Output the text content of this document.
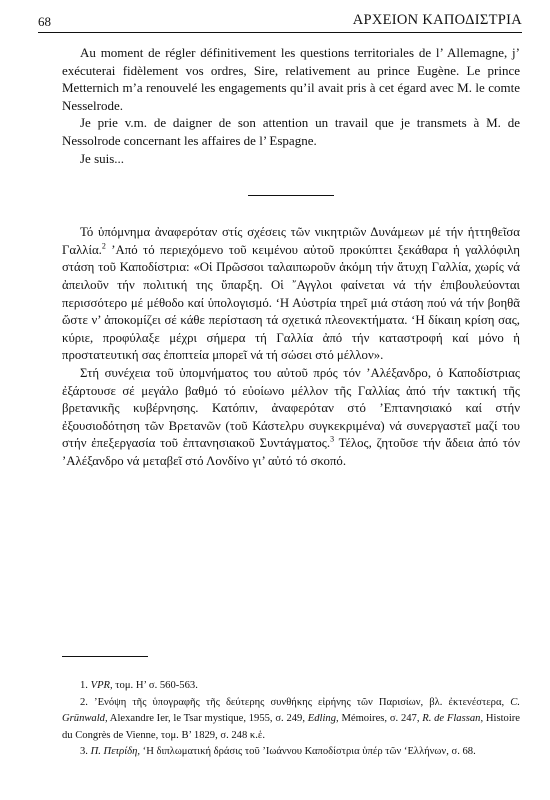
68	ΑΡΧΕΙΟΝ ΚΑΠΟΔΙΣΤΡΙΑ

Au moment de régler définitivement les questions territoriales de l’ Allemagne, j’ exécuterai fidèlement vos ordres, Sire, relativement au prince Eugène. Le prince Metternich m’a renouvelé les engagements qu’il avait pris à cet égard avec M. le comte Nesselrode.

Je prie v.m. de daigner de son attention un travail que je transmets à M. de Nessolrode concernant les affaires de l’ Espagne.

Je suis...

Τό ὑπόμνημα ἀναφερόταν στίς σχέσεις τῶν νικητριῶν Δυνάμεων μέ τήν ἡττηθεῖσα Γαλλία.$^2$ ’Από τό περιεχόμενο τοῦ κειμένου αὐτοῦ προκύπτει ξεκάθαρα ἡ γαλλόφιλη στάση τοῦ Καποδίστρια: «Οἱ Πρῶσσοι ταλαιπωροῦν ἀκόμη τήν ἄτυχη Γαλλία, χωρίς νά ἀπειλοῦν τήν πολιτική της ὕπαρξη. Οἱ ῎Αγγλοι φαίνεται νά τήν ἐπιβουλεύονται περισσότερο μέ μέθοδο καί ὑπολογισμό. ‘Η Αὐστρία τηρεῖ μιά στάση πού νά τήν βοηθᾶ ὥστε ν’ ἀποκομίζει σέ κάθε περίσταση τά σχετικά πλεονεκτήματα. ‘Η δίκαιη κρίση σας, κύριε, προφύλαξε μέχρι σήμερα τή Γαλλία ἀπό τήν καταστροφή καί μόνο ἡ προστατευτική σας ἐποπτεία μπορεῖ νά τή σώσει στό μέλλον».

Στή συνέχεια τοῦ ὑπομνήματος του αὐτοῦ πρός τόν ’Αλέξανδρο, ὁ Καποδίστριας ἐξάρτουσε σέ μεγάλο βαθμό τό εὐοίωνο μέλλον τῆς Γαλλίας ἀπό τήν τακτική τῆς βρετανικῆς κυβέρνησης. Κατόπιν, ἀναφερόταν στό ’Επτανησιακό καί στήν ἐξουσιοδότηση τῶν Βρετανῶν (τοῦ Κάστελρυ συγκεκριμένα) νά συνεργαστεῖ μαζί του στήν ἐπεξεργασία τοῦ ἐπτανησιακοῦ Συντάγματος.$^3$ Τέλος, ζητοῦσε τήν ἄδεια ἀπό τόν ’Αλέξανδρο νά μεταβεῖ στό Λονδίνο γι’ αὐτό τό σκοπό.

1. VPR, τομ. Η’ σ. 560-563.

2. ’Ενόψη τῆς ὑπογραφῆς τῆς δεύτερης συνθήκης εἰρήνης τῶν Παρισίων, βλ. ἐκτενέστερα, C. Grünwald, Alexandre Ier, le Tsar mystique, 1955, σ. 249, Edling, Mémoires, σ. 247, R. de Flassan, Histoire du Congrès de Vienne, τομ. Β’ 1829, σ. 248 κ.ἑ.

3. Π. Πετρίδη, ‘Η διπλωματική δράσις τοῦ ’Ιωάννου Καποδίστρια ὑπέρ τῶν ‘Ελλήνων, σ. 68.
